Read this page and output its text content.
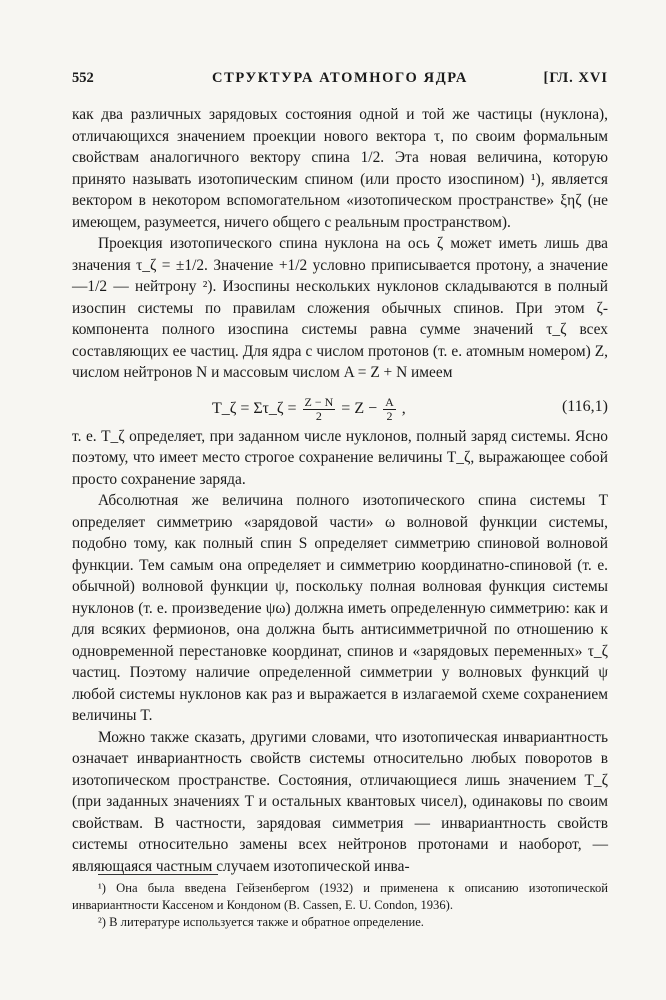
552	СТРУКТУРА АТОМНОГО ЯДРА	[ГЛ. XVI

как два различных зарядовых состояния одной и той же частицы (нуклона), отличающихся значением проекции нового вектора τ, по своим формальным свойствам аналогичного вектору спина 1/2. Эта новая величина, которую принято называть изотопическим спином (или просто изоспином) ¹), является вектором в некотором вспомогательном «изотопическом пространстве» ξηζ (не имеющем, разумеется, ничего общего с реальным пространством).

Проекция изотопического спина нуклона на ось ζ может иметь лишь два значения τ_ζ = ±1/2. Значение +1/2 условно приписывается протону, а значение —1/2 — нейтрону ²). Изоспины нескольких нуклонов складываются в полный изоспин системы по правилам сложения обычных спинов. При этом ζ-компонента полного изоспина системы равна сумме значений τ_ζ всех составляющих ее частиц. Для ядра с числом протонов (т. е. атомным номером) Z, числом нейтронов N и массовым числом A = Z + N имеем

T_ζ = Στ_ζ = $\frac{Z - N}{2} = Z - \frac{A}{2}$ ,	(116,1)

т. е. T_ζ определяет, при заданном числе нуклонов, полный заряд системы. Ясно поэтому, что имеет место строгое сохранение величины T_ζ, выражающее собой просто сохранение заряда.

Абсолютная же величина полного изотопического спина системы T определяет симметрию «зарядовой части» ω волновой функции системы, подобно тому, как полный спин S определяет симметрию спиновой волновой функции. Тем самым она определяет и симметрию координатно-спиновой (т. е. обычной) волновой функции ψ, поскольку полная волновая функция системы нуклонов (т. е. произведение ψω) должна иметь определенную симметрию: как и для всяких фермионов, она должна быть антисимметричной по отношению к одновременной перестановке координат, спинов и «зарядовых переменных» τ_ζ частиц. Поэтому наличие определенной симметрии у волновых функций ψ любой системы нуклонов как раз и выражается в излагаемой схеме сохранением величины T.

Можно также сказать, другими словами, что изотопическая инвариантность означает инвариантность свойств системы относительно любых поворотов в изотопическом пространстве. Состояния, отличающиеся лишь значением T_ζ (при заданных значениях T и остальных квантовых чисел), одинаковы по своим свойствам. В частности, зарядовая симметрия — инвариантность свойств системы относительно замены всех нейтронов протонами и наоборот, — являющаяся частным случаем изотопической инва-

¹) Она была введена Гейзенбергом (1932) и применена к описанию изотопической инвариантности Кассеном и Кондоном (B. Cassen, E. U. Condon, 1936).

²) В литературе используется также и обратное определение.
